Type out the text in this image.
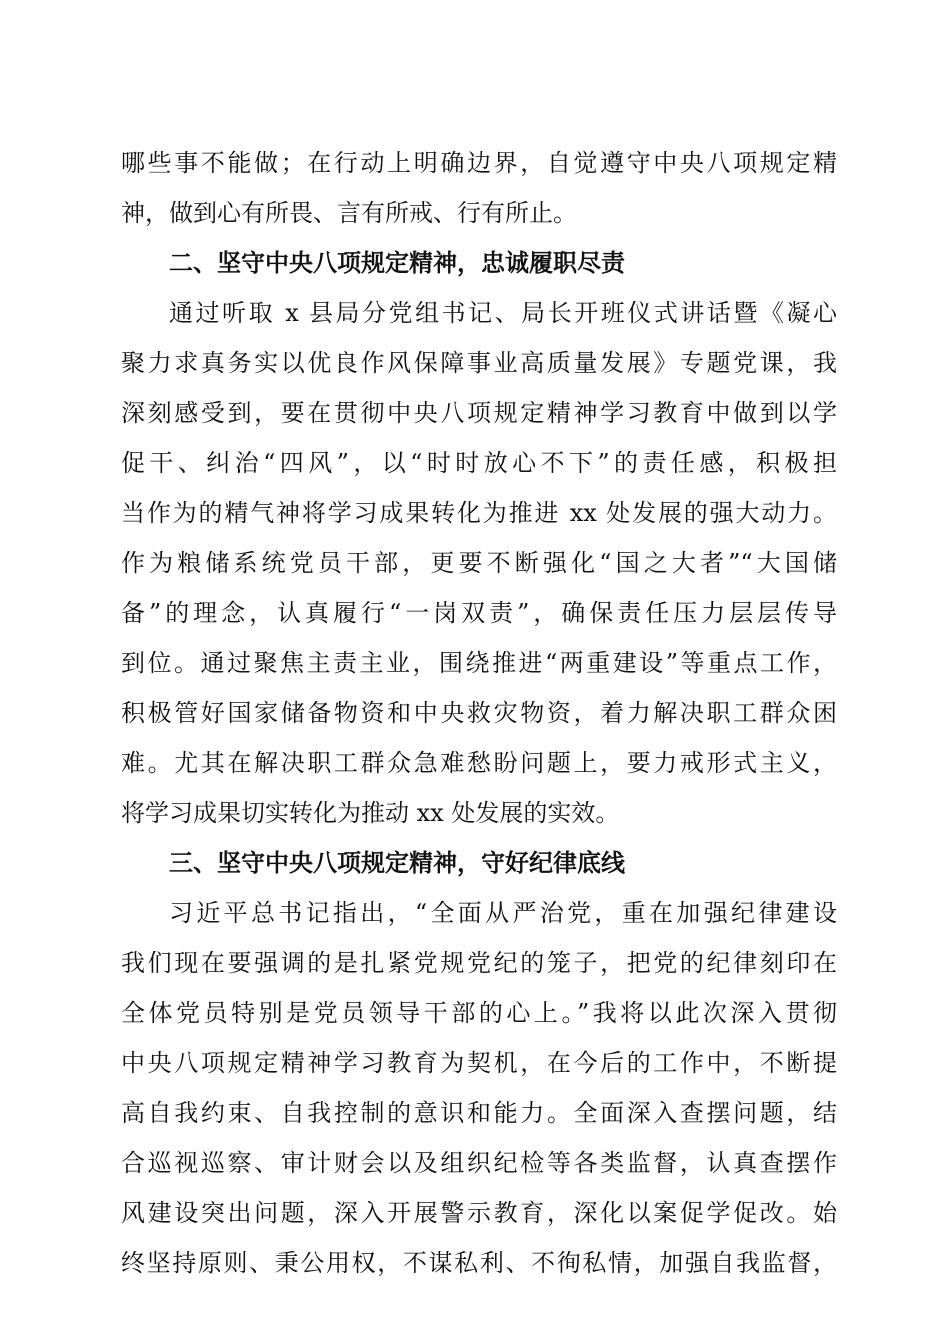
哪些事不能做；在行动上明确边界，自觉遵守中央八项规定精
神，做到心有所畏、言有所戒、行有所止。
二、坚守中央八项规定精神，忠诚履职尽责
通过听取 x 县局分党组书记、局长开班仪式讲话暨《凝心
聚力求真务实以优良作风保障事业高质量发展》专题党课，我
深刻感受到，要在贯彻中央八项规定精神学习教育中做到以学
促干、纠治“四风”，以“时时放心不下”的责任感，积极担
当作为的精气神将学习成果转化为推进 xx 处发展的强大动力。
作为粮储系统党员干部，更要不断强化“国之大者”“大国储
备”的理念，认真履行“一岗双责”，确保责任压力层层传导
到位。通过聚焦主责主业，围绕推进“两重建设”等重点工作，
积极管好国家储备物资和中央救灾物资，着力解决职工群众困
难。尤其在解决职工群众急难愁盼问题上，要力戒形式主义，
将学习成果切实转化为推动 xx 处发展的实效。
三、坚守中央八项规定精神，守好纪律底线
习近平总书记指出，“全面从严治党，重在加强纪律建设
我们现在要强调的是扎紧党规党纪的笼子，把党的纪律刻印在
全体党员特别是党员领导干部的心上。”我将以此次深入贯彻
中央八项规定精神学习教育为契机，在今后的工作中，不断提
高自我约束、自我控制的意识和能力。全面深入查摆问题，结
合巡视巡察、审计财会以及组织纪检等各类监督，认真查摆作
风建设突出问题，深入开展警示教育，深化以案促学促改。始
终坚持原则、秉公用权，不谋私利、不徇私情，加强自我监督，
